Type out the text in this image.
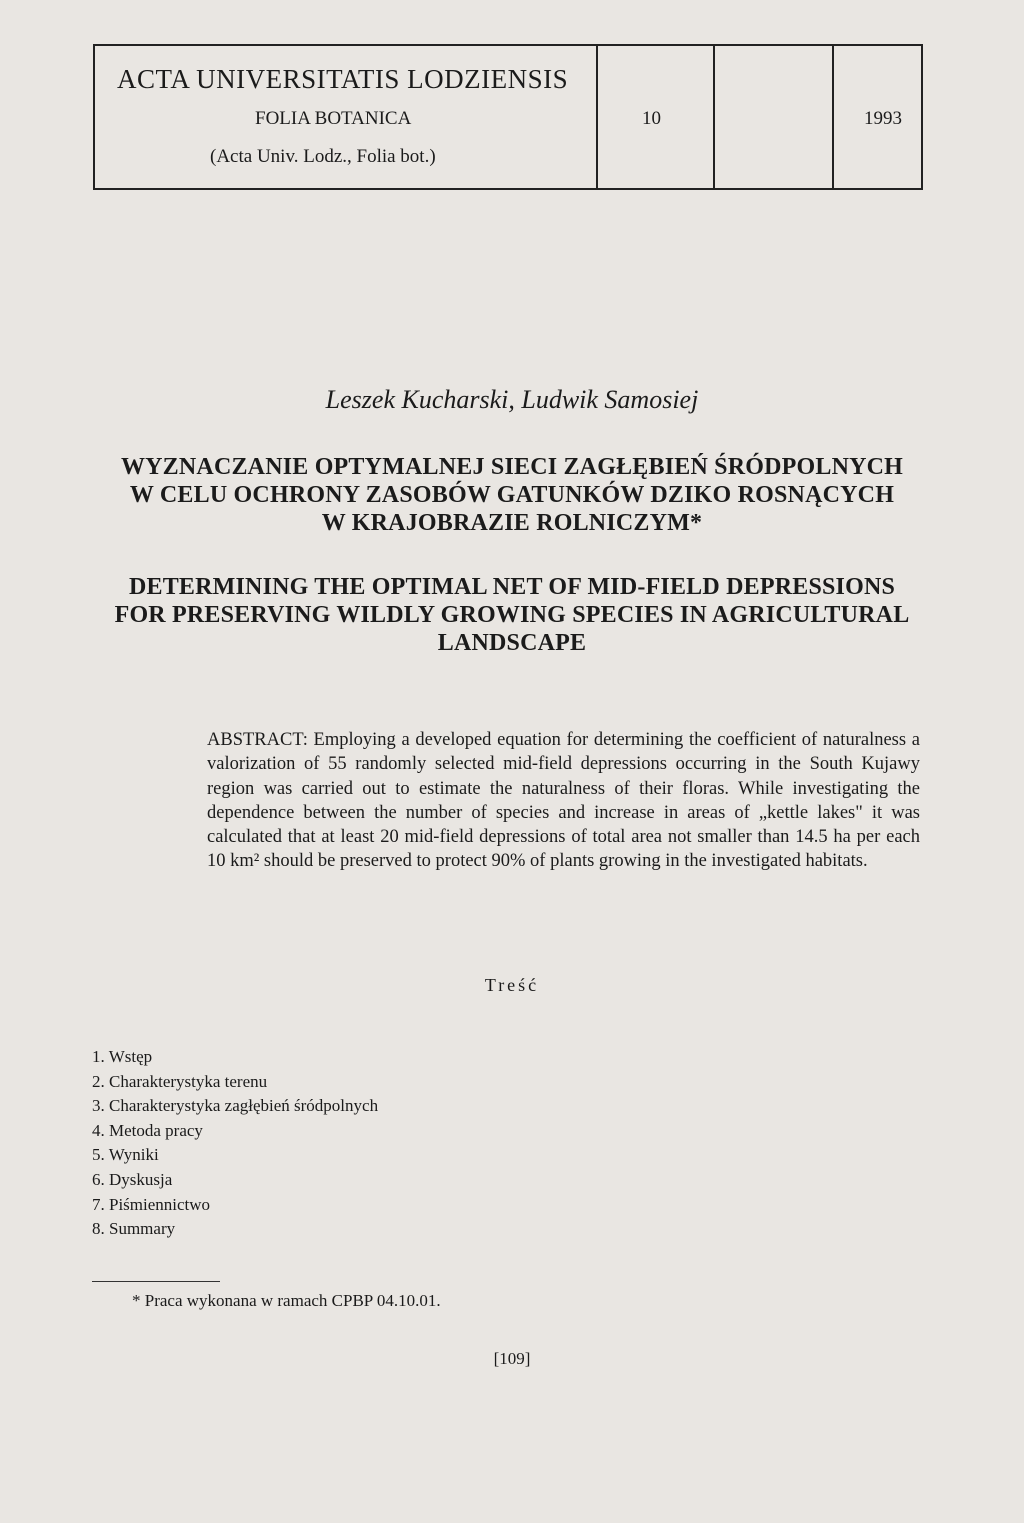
ACTA UNIVERSITATIS LODZIENSIS
FOLIA BOTANICA
(Acta Univ. Lodz., Folia bot.)
10	1993
Leszek Kucharski, Ludwik Samosiej
WYZNACZANIE OPTYMALNEJ SIECI ZAGŁĘBIEŃ ŚRÓDPOLNYCH
W CELU OCHRONY ZASOBÓW GATUNKÓW DZIKO ROSNĄCYCH
W KRAJOBRAZIE ROLNICZYM*
DETERMINING THE OPTIMAL NET OF MID-FIELD DEPRESSIONS
FOR PRESERVING WILDLY GROWING SPECIES IN AGRICULTURAL
LANDSCAPE
ABSTRACT: Employing a developed equation for determining the coefficient of naturalness a valorization of 55 randomly selected mid-field depressions occurring in the South Kujawy region was carried out to estimate the naturalness of their floras. While investigating the dependence between the number of species and increase in areas of „kettle lakes" it was calculated that at least 20 mid-field depressions of total area not smaller than 14.5 ha per each 10 km² should be preserved to protect 90% of plants growing in the investigated habitats.
Treść
1. Wstęp
2. Charakterystyka terenu
3. Charakterystyka zagłębień śródpolnych
4. Metoda pracy
5. Wyniki
6. Dyskusja
7. Piśmiennictwo
8. Summary
* Praca wykonana w ramach CPBP 04.10.01.
[109]
